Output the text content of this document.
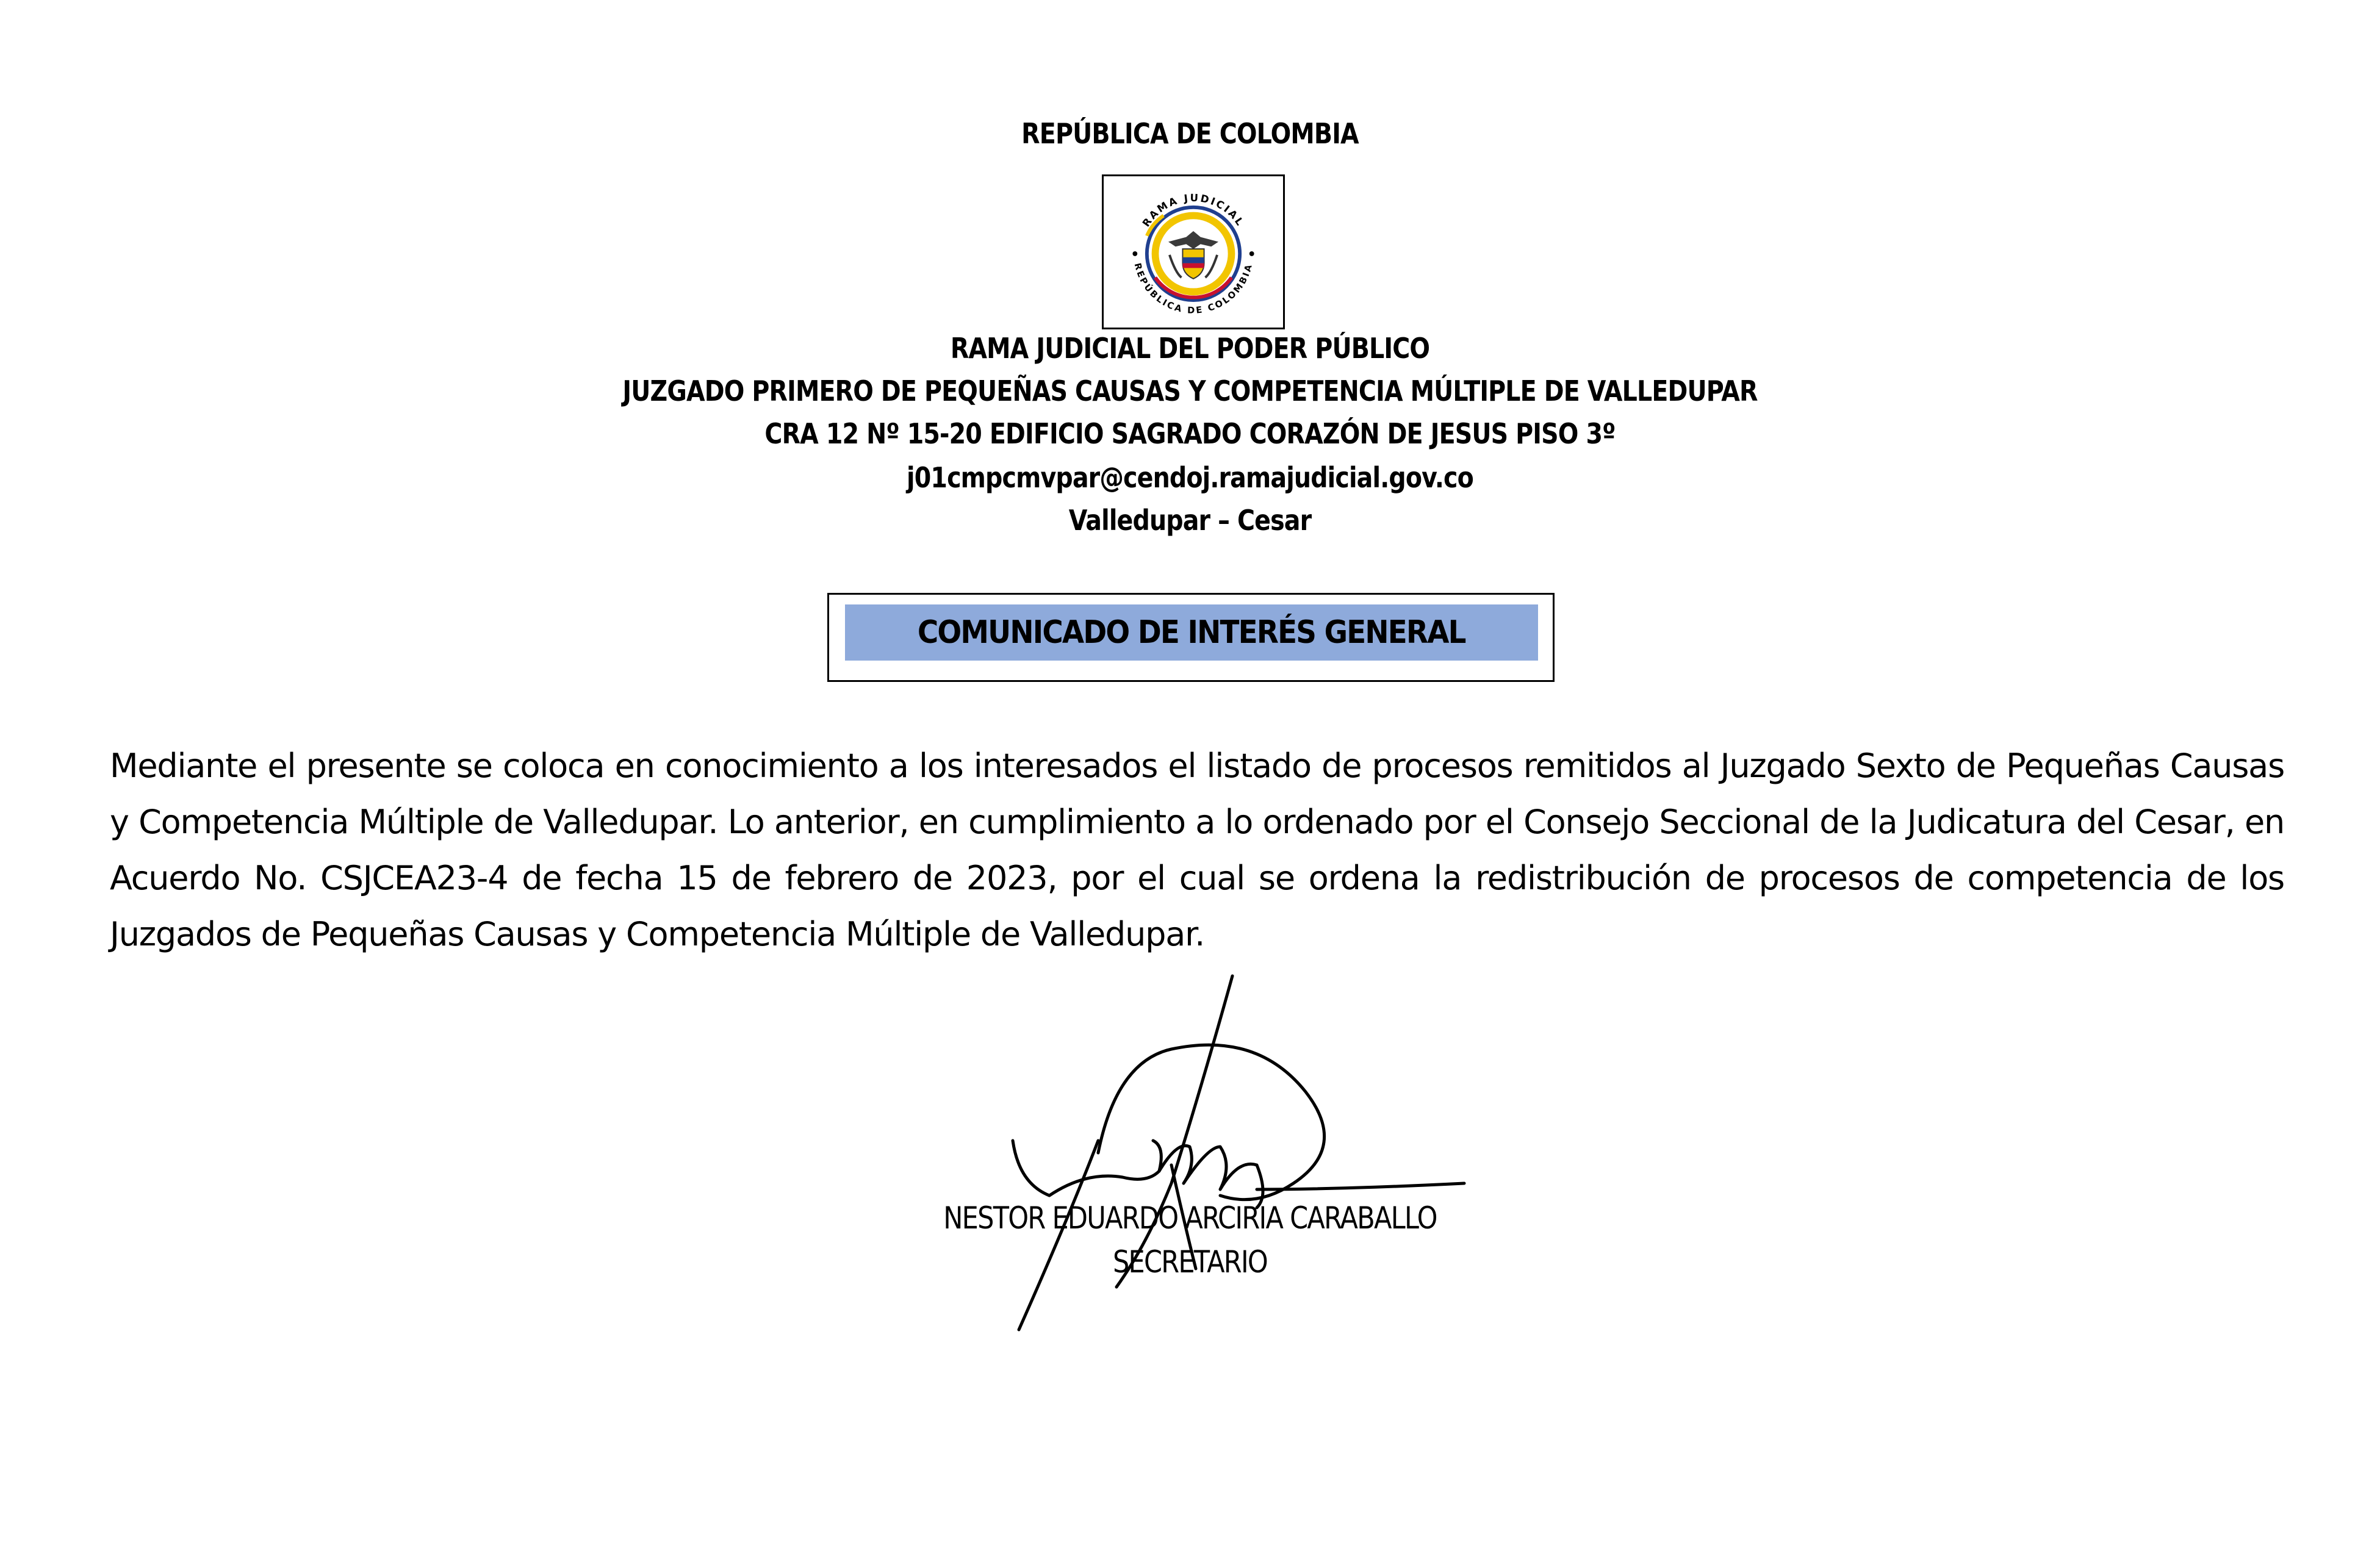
REPÚBLICA DE COLOMBIA
RAMA JUDICIAL
REPÚBLICA DE COLOMBIA
RAMA JUDICIAL DEL PODER PÚBLICO
JUZGADO PRIMERO DE PEQUEÑAS CAUSAS Y COMPETENCIA MÚLTIPLE DE VALLEDUPAR
CRA 12 Nº 15-20 EDIFICIO SAGRADO CORAZÓN DE JESUS PISO 3º
j01cmpcmvpar@cendoj.ramajudicial.gov.co
Valledupar – Cesar
COMUNICADO DE INTERÉS GENERAL
Mediante el presente se coloca en conocimiento a los interesados el listado de procesos remitidos al Juzgado Sexto de Pequeñas Causas y Competencia Múltiple de Valledupar. Lo anterior, en cumplimiento a lo ordenado por el Consejo Seccional de la Judicatura del Cesar, en Acuerdo No. CSJCEA23-4 de fecha 15 de febrero de 2023, por el cual se ordena la redistribución de procesos de competencia de los Juzgados de Pequeñas Causas y Competencia Múltiple de Valledupar.
NESTOR EDUARDO ARCIRIA CARABALLO
SECRETARIO
